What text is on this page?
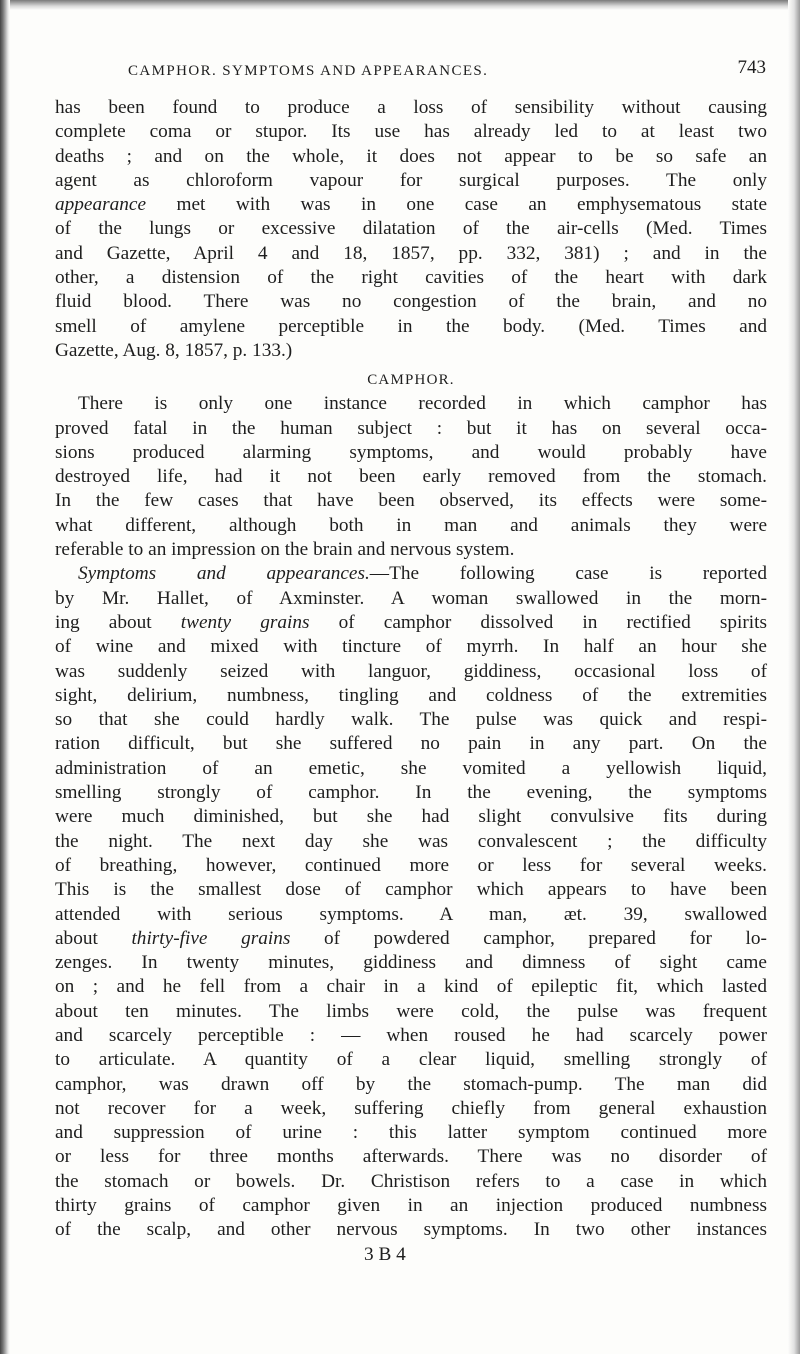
CAMPHOR. SYMPTOMS AND APPEARANCES.	743
has been found to produce a loss of sensibility without causing
complete coma or stupor. Its use has already led to at least two
deaths ; and on the whole, it does not appear to be so safe an
agent as chloroform vapour for surgical purposes. The only
appearance met with was in one case an emphysematous state
of the lungs or excessive dilatation of the air-cells (Med. Times
and Gazette, April 4 and 18, 1857, pp. 332, 381) ; and in the
other, a distension of the right cavities of the heart with dark
fluid blood. There was no congestion of the brain, and no
smell of amylene perceptible in the body. (Med. Times and
Gazette, Aug. 8, 1857, p. 133.)
CAMPHOR.
There is only one instance recorded in which camphor has
proved fatal in the human subject : but it has on several occa-
sions produced alarming symptoms, and would probably have
destroyed life, had it not been early removed from the stomach.
In the few cases that have been observed, its effects were some-
what different, although both in man and animals they were
referable to an impression on the brain and nervous system.
Symptoms and appearances.—The following case is reported
by Mr. Hallet, of Axminster. A woman swallowed in the morn-
ing about twenty grains of camphor dissolved in rectified spirits
of wine and mixed with tincture of myrrh. In half an hour she
was suddenly seized with languor, giddiness, occasional loss of
sight, delirium, numbness, tingling and coldness of the extremities
so that she could hardly walk. The pulse was quick and respi-
ration difficult, but she suffered no pain in any part. On the
administration of an emetic, she vomited a yellowish liquid,
smelling strongly of camphor. In the evening, the symptoms
were much diminished, but she had slight convulsive fits during
the night. The next day she was convalescent ; the difficulty
of breathing, however, continued more or less for several weeks.
This is the smallest dose of camphor which appears to have been
attended with serious symptoms. A man, æt. 39, swallowed
about thirty-five grains of powdered camphor, prepared for lo-
zenges. In twenty minutes, giddiness and dimness of sight came
on ; and he fell from a chair in a kind of epileptic fit, which lasted
about ten minutes. The limbs were cold, the pulse was frequent
and scarcely perceptible : — when roused he had scarcely power
to articulate. A quantity of a clear liquid, smelling strongly of
camphor, was drawn off by the stomach-pump. The man did
not recover for a week, suffering chiefly from general exhaustion
and suppression of urine : this latter symptom continued more
or less for three months afterwards. There was no disorder of
the stomach or bowels. Dr. Christison refers to a case in which
thirty grains of camphor given in an injection produced numbness
of the scalp, and other nervous symptoms. In two other instances
3 B 4
